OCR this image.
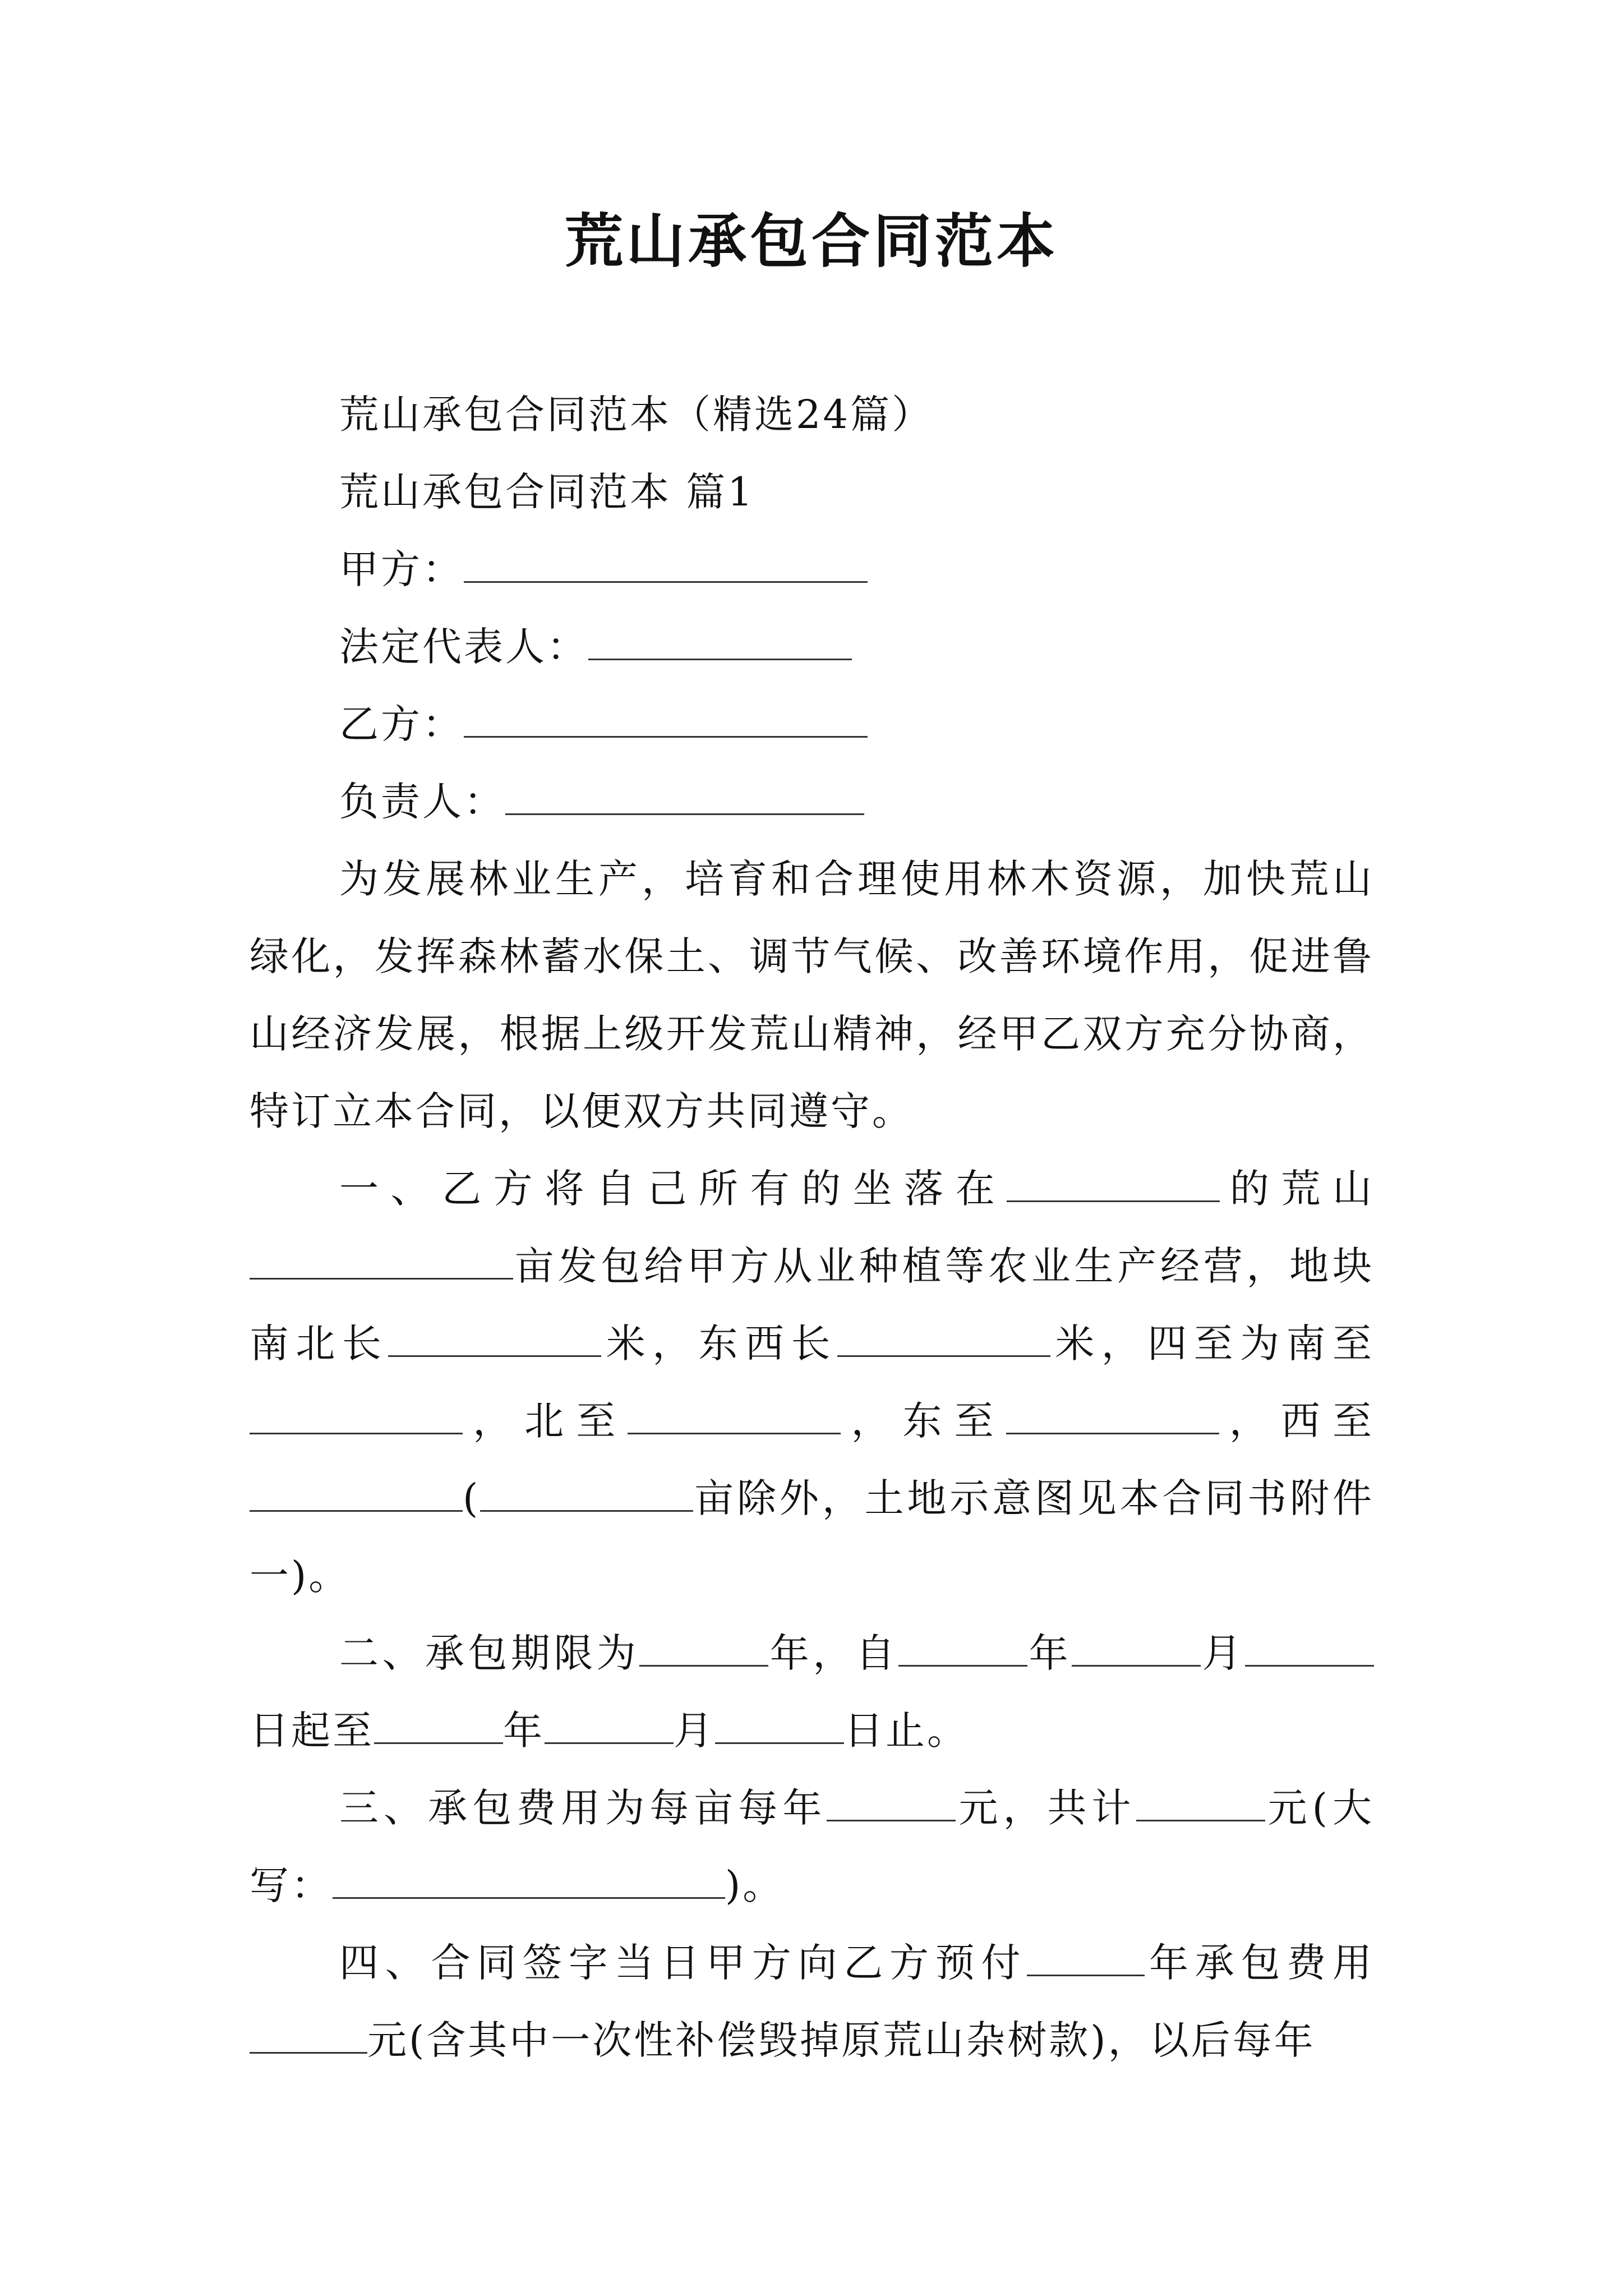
荒山承包合同范本

荒山承包合同范本（精选24篇）

荒山承包合同范本 篇1

甲方：

法定代表人：

乙方：

负责人：

为发展林业生产，培育和合理使用林木资源，加快荒山绿化，发挥森林蓄水保土、调节气候、改善环境作用，促进鲁山经济发展，根据上级开发荒山精神，经甲乙双方充分协商，特订立本合同，以便双方共同遵守。

一、乙方将自己所有的坐落在	的荒山亩发包给甲方从业种植等农业生产经营，地块南北长	米，东西长	米，四至为南至，北至	，东至	，西至(	亩除外，土地示意图见本合同书附件一)。

二、承包期限为	年，自	年	月日起至	年	月	日止。

三、承包费用为每亩每年	元，共计	元(大写：	)。

四、合同签字当日甲方向乙方预付	年承包费用元(含其中一次性补偿毁掉原荒山杂树款)，以后每年
